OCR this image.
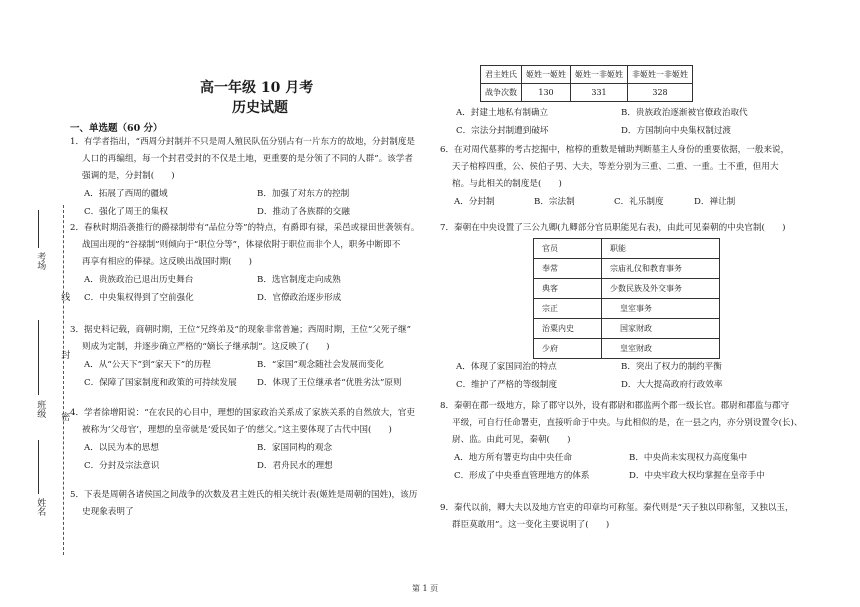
考场
线
封
班级 密
姓名
高一年级 10 月考
历史试题
一、单选题（60 分）

1．有学者指出，“西周分封制并不只是周人殖民队伍分别占有一片东方的故地，分封制度是

人口的再编组，每一个封君受封的不仅是土地，更重要的是分领了不同的人群”。该学者

强调的是，分封制(　　)

A．拓展了西周的疆域	B．加强了对东方的控制
C．强化了周王的集权	D．推动了各族群的交融

2．春秋时期沿袭推行的爵禄制带有“品位分等”的特点，有爵即有禄，采邑或禄田世袭领有。

战国出现的“谷禄制”则倾向于“职位分等”，体禄依附于职位而非个人，职务中断即不

再享有相应的俸禄。这反映出战国时期(　　)

A．贵族政治已退出历史舞台	B．选官制度走向成熟
C．中央集权得到了空前强化	D．官僚政治逐步形成

3．据史料记载，商朝时期，王位“兄终弟及”的现象非常普遍；西周时期，王位“父死子继”

则成为定制，并逐步确立严格的“嫡长子继承制”。这反映了(　　)

A．从“公天下”到“家天下”的历程	B．“家国”观念随社会发展而变化
C．保障了国家制度和政策的可持续发展	D．体现了王位继承者“优胜劣汰”原则

4．学者徐增阳说：“在农民的心目中，理想的国家政治关系成了家族关系的自然放大，官吏

被称为‘父母官’，理想的皇帝就是‘爱民如子’的慈父。”这主要体现了古代中国(　　)

A．以民为本的思想	B．家国同构的观念
C．分封及宗法意识	D．君舟民水的理想

5．下表是周朝各诸侯国之间战争的次数及君主姓氏的相关统计表(姬姓是周朝的国姓)，该历

史现象表明了

君主姓氏	姬姓一姬姓	姬姓一非姬姓	非姬姓一非姬姓
战争次数	130	331	328
A．封建土地私有制确立	B．贵族政治逐渐被官僚政治取代
C．宗法分封制遭到破坏	D．方国制向中央集权制过渡

6．在对周代墓葬的考古挖掘中，棺椁的重数是辅助判断墓主人身份的重要依据，一般来说，

天子棺椁四重，公、侯伯子男、大夫，等差分别为三重、二重、一重。士不重，但用大

棺。与此相关的制度是(　　)

A．分封制	B．宗法制	C．礼乐制度	D．禅让制

7．秦朝在中央设置了三公九卿(九卿部分官员职能见右表)，由此可见秦朝的中央官制(　　)

官员	职能
奉常	宗庙礼仪和教育事务
典客	少数民族及外交事务
宗正	皇室事务
治粟内史	国家财政
少府	皇室财政
A．体现了家国同治的特点	B．突出了权力的制约平衡
C．维护了严格的等级制度	D．大大提高政府行政效率

8．秦朝在郡一级地方，除了郡守以外，设有郡尉和郡监两个郡一级长官。郡尉和郡监与郡守

平级，可自行任命署吏，直接听命于中央。与此相似的是，在一县之内，亦分别设置令(长)、

尉、监。由此可见，秦朝(　　)

A．地方所有署吏均由中央任命	B．中央尚未实现权力高度集中
C．形成了中央垂直管理地方的体系	D．中央牢政大权均掌握在皇帝手中

9．秦代以前，卿大夫以及地方官吏的印章均可称玺。秦代则是“天子独以印称玺，又独以玉，

群臣莫敢用”。这一变化主要说明了(　　)

第 1 页
